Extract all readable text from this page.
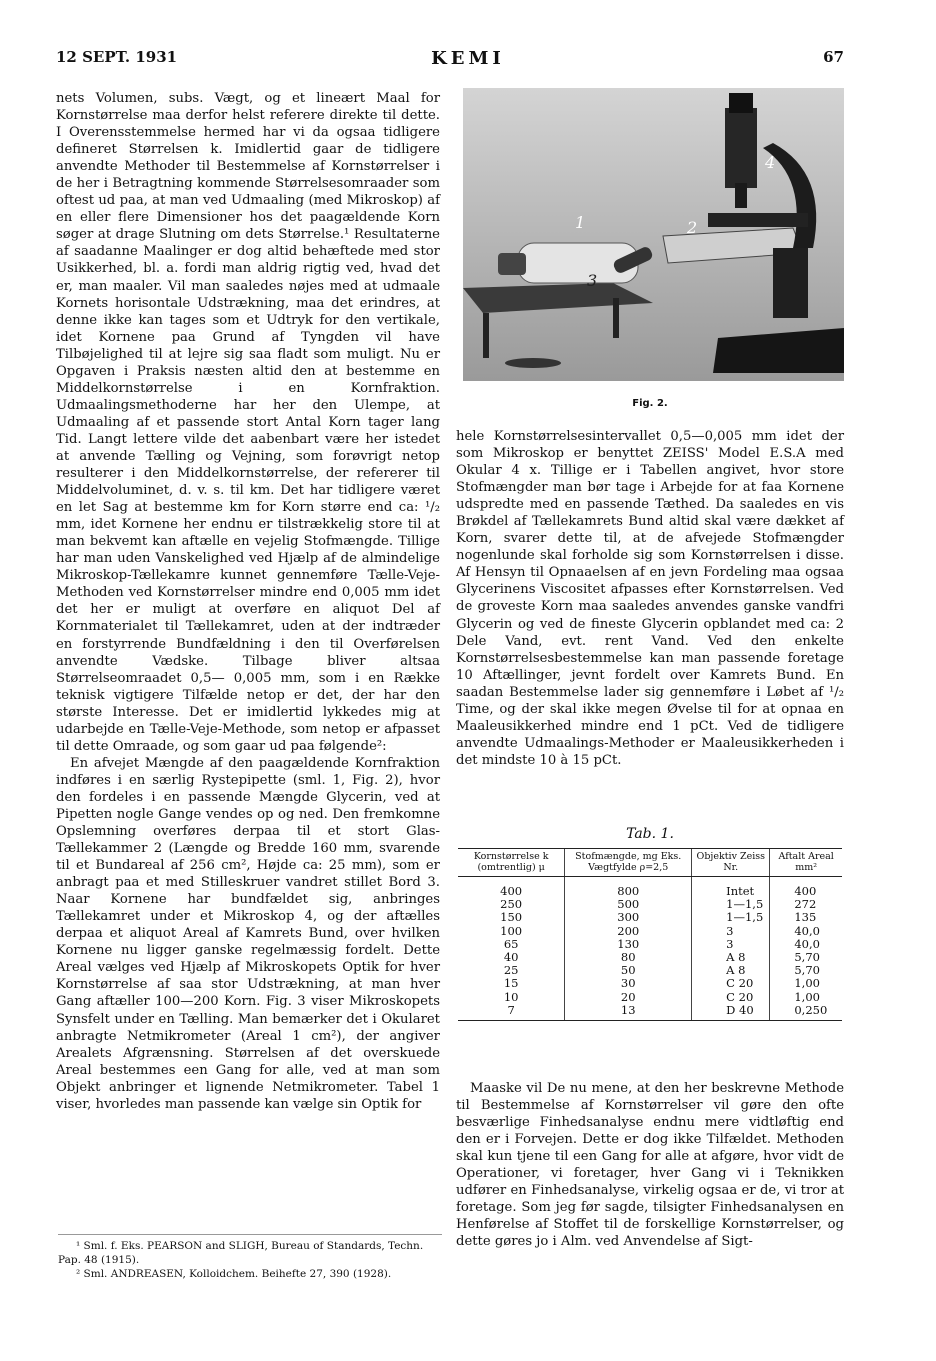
12 SEPT. 1931	KEMI	67

nets Volumen, subs. Vægt, og et lineært Maal for Kornstørrelse maa derfor helst referere direkte til dette. I Overensstemmelse hermed har vi da ogsaa tidligere defineret Størrelsen k. Imidlertid gaar de tidligere anvendte Methoder til Bestemmelse af Kornstørrelser i de her i Betragtning kommende Størrelsesomraader som oftest ud paa, at man ved Udmaaling (med Mikroskop) af en eller flere Dimensioner hos det paagældende Korn søger at drage Slutning om dets Størrelse.¹ Resultaterne af saadanne Maalinger er dog altid behæftede med stor Usikkerhed, bl. a. fordi man aldrig rigtig ved, hvad det er, man maaler. Vil man saaledes nøjes med at udmaale Kornets horisontale Udstrækning, maa det erindres, at denne ikke kan tages som et Udtryk for den vertikale, idet Kornene paa Grund af Tyngden vil have Tilbøjelighed til at lejre sig saa fladt som muligt. Nu er Opgaven i Praksis næsten altid den at bestemme en Middelkornstørrelse i en Kornfraktion. Udmaalingsmethoderne har her den Ulempe, at Udmaaling af et passende stort Antal Korn tager lang Tid. Langt lettere vilde det aabenbart være her istedet at anvende Tælling og Vejning, som forøvrigt netop resulterer i den Middelkornstørrelse, der refererer til Middelvoluminet, d. v. s. til km. Det har tidligere været en let Sag at bestemme km for Korn større end ca: ¹/₂ mm, idet Kornene her endnu er tilstrækkelig store til at man bekvemt kan aftælle en vejelig Stofmængde. Tillige har man uden Vanskelighed ved Hjælp af de almindelige Mikroskop-Tællekamre kunnet gennemføre Tælle-Veje-Methoden ved Kornstørrelser mindre end 0,005 mm idet det her er muligt at overføre en aliquot Del af Kornmaterialet til Tællekamret, uden at der indtræder en forstyrrende Bundfældning i den til Overførelsen anvendte Vædske. Tilbage bliver altsaa Størrelseomraadet 0,5— 0,005 mm, som i en Række teknisk vigtigere Tilfælde netop er det, der har den største Interesse. Det er imidlertid lykkedes mig at udarbejde en Tælle-Veje-Methode, som netop er afpasset til dette Omraade, og som gaar ud paa følgende²:

En afvejet Mængde af den paagældende Kornfraktion indføres i en særlig Rystepipette (sml. 1, Fig. 2), hvor den fordeles i en passende Mængde Glycerin, ved at Pipetten nogle Gange vendes op og ned. Den fremkomne Opslemning overføres derpaa til et stort Glas-Tællekammer 2 (Længde og Bredde 160 mm, svarende til et Bundareal af 256 cm², Højde ca: 25 mm), som er anbragt paa et med Stilleskruer vandret stillet Bord 3. Naar Kornene har bundfældet sig, anbringes Tællekamret under et Mikroskop 4, og der aftælles derpaa et aliquot Areal af Kamrets Bund, over hvilken Kornene nu ligger ganske regelmæssig fordelt. Dette Areal vælges ved Hjælp af Mikroskopets Optik for hver Kornstørrelse af saa stor Udstrækning, at man hver Gang aftæller 100—200 Korn. Fig. 3 viser Mikroskopets Synsfelt under en Tælling. Man bemærker det i Okularet anbragte Netmikrometer (Areal 1 cm²), der angiver Arealets Afgrænsning. Størrelsen af det overskuede Areal bestemmes een Gang for alle, ved at man som Objekt anbringer et lignende Netmikrometer. Tabel 1 viser, hvorledes man passende kan vælge sin Optik for

¹ Sml. f. Eks. PEARSON and SLIGH, Bureau of Standards, Techn. Pap. 48 (1915).
² Sml. ANDREASEN, Kolloidchem. Beihefte 27, 390 (1928).
1	2
3
4
Fig. 2.

hele Kornstørrelsesintervallet 0,5—0,005 mm idet der som Mikroskop er benyttet ZEISS' Model E.S.A med Okular 4 x. Tillige er i Tabellen angivet, hvor store Stofmængder man bør tage i Arbejde for at faa Kornene udspredte med en passende Tæthed. Da saaledes en vis Brøkdel af Tællekamrets Bund altid skal være dækket af Korn, svarer dette til, at de afvejede Stofmængder nogenlunde skal forholde sig som Kornstørrelsen i disse. Af Hensyn til Opnaaelsen af en jevn Fordeling maa ogsaa Glycerinens Viscositet afpasses efter Kornstørrelsen. Ved de groveste Korn maa saaledes anvendes ganske vandfri Glycerin og ved de fineste Glycerin opblandet med ca: 2 Dele Vand, evt. rent Vand. Ved den enkelte Kornstørrelsesbestemmelse kan man passende foretage 10 Aftællinger, jevnt fordelt over Kamrets Bund. En saadan Bestemmelse lader sig gennemføre i Løbet af ¹/₂ Time, og der skal ikke megen Øvelse til for at opnaa en Maaleusikkerhed mindre end 1 pCt. Ved de tidligere anvendte Udmaalings-Methoder er Maaleusikkerheden i det mindste 10 à 15 pCt.

Tab. 1.
Kornstørrelse k (omtrentlig) μ	Stofmængde, mg Eks. Vægtfylde ρ=2,5	Objektiv Zeiss Nr.	Aftalt Areal mm²

400	800	Intet	400
250	500	1—1,5	272
150	300	1—1,5	135
100	200	3	40,0
65	130	3	40,0
40	80	A 8	5,70
25	50	A 8	5,70
15	30	C 20	1,00
10	20	C 20	1,00
7	13	D 40	0,250

Maaske vil De nu mene, at den her beskrevne Methode til Bestemmelse af Kornstørrelser vil gøre den ofte besværlige Finhedsanalyse endnu mere vidtløftig end den er i Forvejen. Dette er dog ikke Tilfældet. Methoden skal kun tjene til een Gang for alle at afgøre, hvor vidt de Operationer, vi foretager, hver Gang vi i Teknikken udfører en Finhedsanalyse, virkelig ogsaa er de, vi tror at foretage. Som jeg før sagde, tilsigter Finhedsanalysen en Henførelse af Stoffet til de forskellige Kornstørrelser, og dette gøres jo i Alm. ved Anvendelse af Sigt-
